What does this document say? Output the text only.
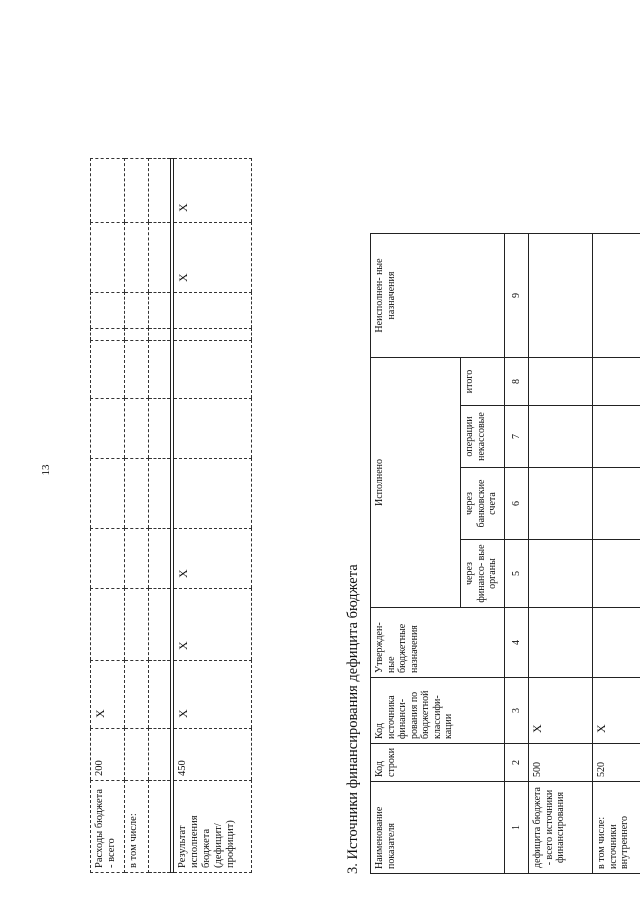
13
Расходы бюджета - всего	200	X									
в том числе:											

Результат исполнения бюджета (дефицит/ профицит)	450	X	X	X						X	X
3. Источники финансирования дефицита бюджета Наименование показателя	Код строки	Код источника финанси- рования по бюджетной классифи- кации	Утвержден- ные бюджетные назначения	Исполнено				Неисполнен- ные назначения
				через финансо- вые органы	через банковские счета	операции некассовые	итого	
1	2	3	4	5	6	7	8	9
дефицита бюджета - всего источники финансирования	500	X						
в том числе: источники внутреннего	520	X						
